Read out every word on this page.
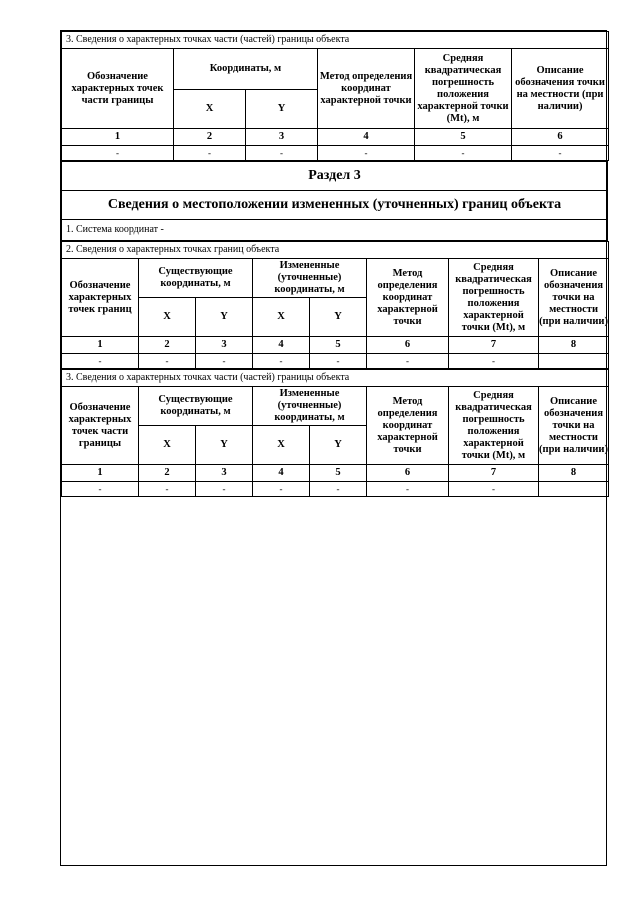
3. Сведения о характерных точках части (частей) границы объекта					
Обозначение характерных точек части границы	Координаты, м		Метод определения координат характерной точки	Средняя квадратическая погрешность положения характерной точки (Mt), м	Описание обозначения точки на местности (при наличии)
	X	Y			
1	2	3	4	5	6
-	-	-	-	-	-
Раздел 3
Сведения о местоположении измененных (уточненных) границ объекта
1. Система координат -
2. Сведения о характерных точках границ объекта							
Обозначение характерных точек границ	Существующие координаты, м		Измененные (уточненные) координаты, м		Метод определения координат характерной точки	Средняя квадратическая погрешность положения характерной точки (Mt), м	Описание обозначения точки на местности (при наличии)
	X	Y	X	Y			
1	2	3	4	5	6	7	8
-	-	-	-	-	-	-	
3. Сведения о характерных точках части (частей) границы объекта							
Обозначение характерных точек части границы	Существующие координаты, м		Измененные (уточненные) координаты, м		Метод определения координат характерной точки	Средняя квадратическая погрешность положения характерной точки (Mt), м	Описание обозначения точки на местности (при наличии)
	X	Y	X	Y			
1	2	3	4	5	6	7	8
-	-	-	-	-	-	-	
